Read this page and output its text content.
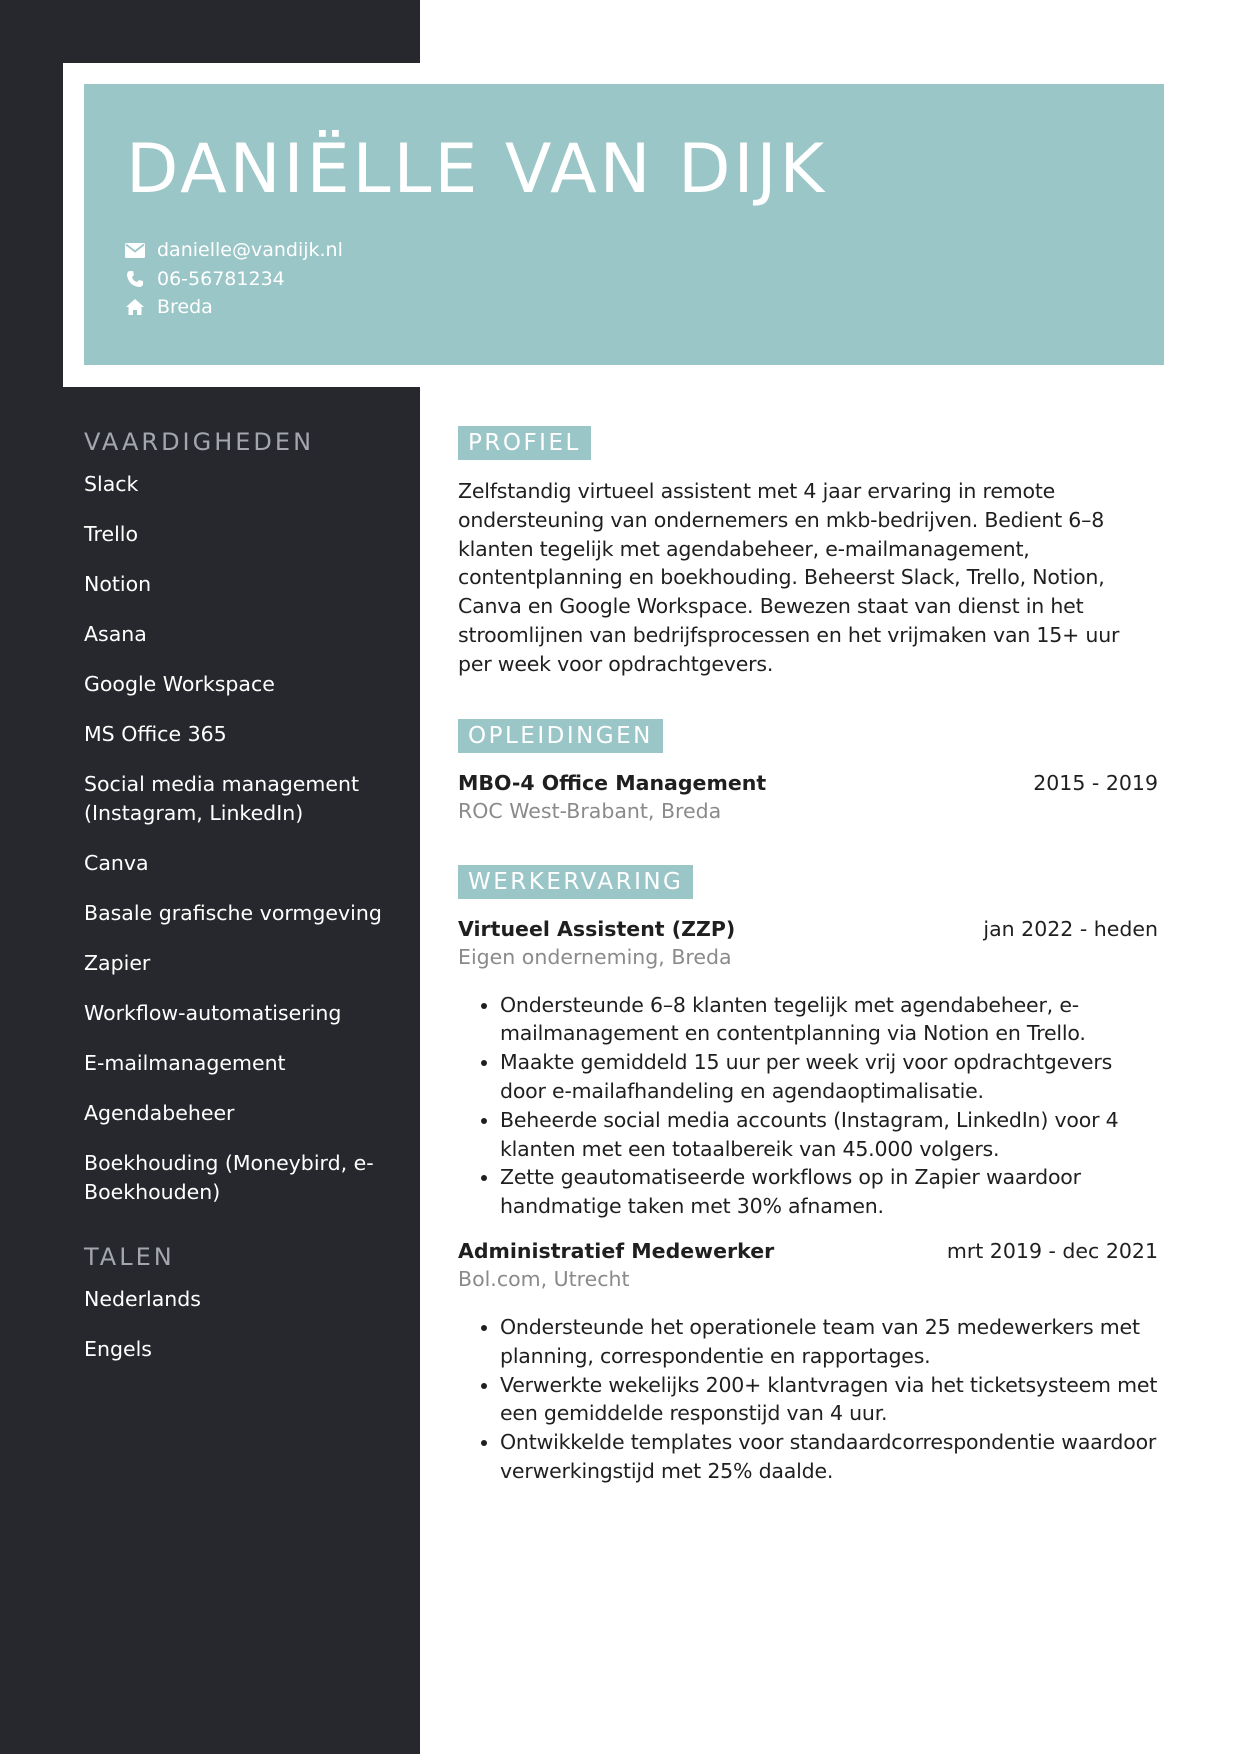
DANIËLLE VAN DIJK
danielle@vandijk.nl
06-56781234
Breda
VAARDIGHEDEN
Slack
Trello
Notion
Asana
Google Workspace
MS Office 365
Social media management (Instagram, LinkedIn)
Canva
Basale grafische vormgeving
Zapier
Workflow-automatisering
E-mailmanagement
Agendabeheer
Boekhouding (Moneybird, e-Boekhouden)
TALEN
Nederlands
Engels
PROFIEL

Zelfstandig virtueel assistent met 4 jaar ervaring in remote ondersteuning van ondernemers en mkb-bedrijven. Bedient 6–8 klanten tegelijk met agendabeheer, e-mailmanagement, contentplanning en boekhouding. Beheerst Slack, Trello, Notion, Canva en Google Workspace. Bewezen staat van dienst in het stroomlijnen van bedrijfsprocessen en het vrijmaken van 15+ uur per week voor opdrachtgevers.

OPLEIDINGEN
MBO-4 Office Management	2015 - 2019
ROC West-Brabant, Breda
WERKERVARING
Virtueel Assistent (ZZP)	jan 2022 - heden
Eigen onderneming, Breda
• Ondersteunde 6–8 klanten tegelijk met agendabeheer, e-mailmanagement en contentplanning via Notion en Trello.
• Maakte gemiddeld 15 uur per week vrij voor opdrachtgevers door e-mailafhandeling en agendaoptimalisatie.
• Beheerde social media accounts (Instagram, LinkedIn) voor 4 klanten met een totaalbereik van 45.000 volgers.
• Zette geautomatiseerde workflows op in Zapier waardoor handmatige taken met 30% afnamen.
Administratief Medewerker	mrt 2019 - dec 2021
Bol.com, Utrecht
• Ondersteunde het operationele team van 25 medewerkers met planning, correspondentie en rapportages.
• Verwerkte wekelijks 200+ klantvragen via het ticketsysteem met een gemiddelde responstijd van 4 uur.
• Ontwikkelde templates voor standaardcorrespondentie waardoor verwerkingstijd met 25% daalde.
